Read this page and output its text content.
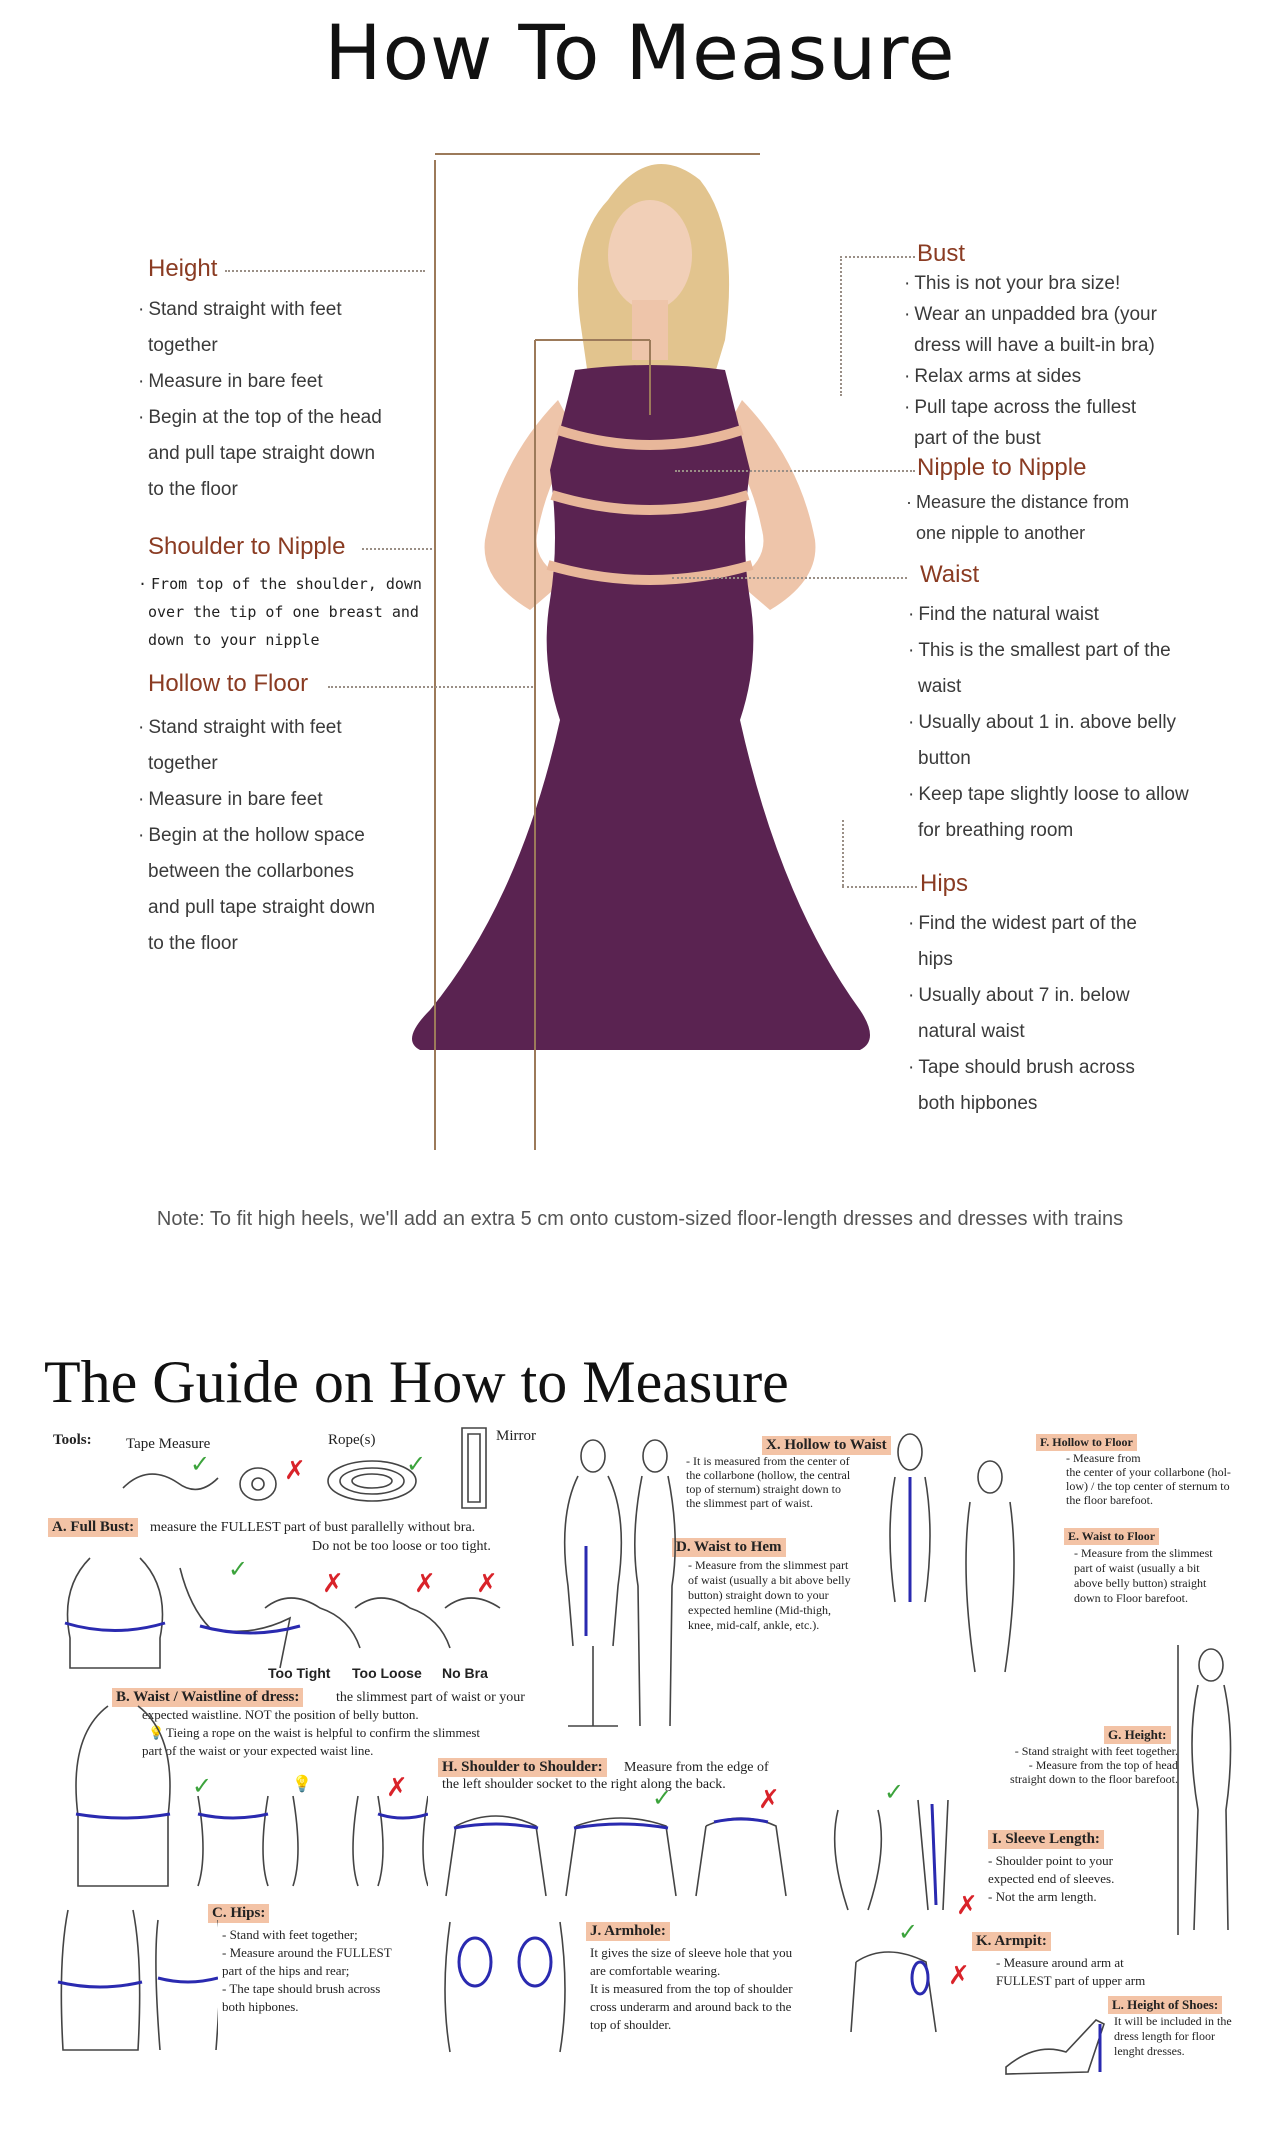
How To Measure
Height
· Stand straight with feet
together
· Measure in bare feet
· Begin at the top of the head
and pull tape straight down
to the floor
Shoulder to Nipple
· From top of the shoulder, down
over the tip of one breast and
down to your nipple
Hollow to Floor
· Stand straight with feet
together
· Measure in bare feet
· Begin at the hollow space
between the collarbones
and pull tape straight down
to the floor
Bust
· This is not your bra size!
· Wear an unpadded bra (your
dress will have a built-in bra)
· Relax arms at sides
· Pull tape across the fullest
part of the bust
Nipple to Nipple
· Measure the distance from
one nipple to another
Waist
· Find the natural waist
· This is the smallest part of the
waist
· Usually about 1 in. above belly
button
· Keep tape slightly loose to allow
for breathing room
Hips
· Find the widest part of the
hips
· Usually about 7 in. below
natural waist
· Tape should brush across
both hipbones
Note: To fit high heels, we'll add an extra 5 cm onto custom-sized floor-length dresses and dresses with trains
The Guide on How to Measure
Tools: Tape Measure
✓	✗
Rope(s)
✓
Mirror
A. Full Bust: measure the FULLEST part of bust parallelly without bra.
Do not be too loose or too tight.
✓	✗	✗ ✗
Too Tight Too Loose No Bra
B. Waist / Waistline of dress:	the slimmest part of waist or your
expected waistline. NOT the position of belly button.
💡 Tieing a rope on the waist is helpful to confirm the slimmest
part of the waist or your expected waist line.
✓	💡	✗
C. Hips:
- Stand with feet together;
- Measure around the FULLEST
part of the hips and rear;
- The tape should brush across
both hipbones.
H. Shoulder to Shoulder: Measure from the edge of
the left shoulder socket to the right along the back.
✓	✗
J. Armhole:
It gives the size of sleeve hole that you
are comfortable wearing.
It is measured from the top of shoulder
cross underarm and around back to the
top of shoulder.
X. Hollow to Waist
- It is measured from the center of
the collarbone (hollow, the central
top of sternum) straight down to
the slimmest part of waist.
D. Waist to Hem
- Measure from the slimmest part
of waist (usually a bit above belly
button) straight down to your
expected hemline (Mid-thigh,
knee, mid-calf, ankle, etc.).
F. Hollow to Floor
- Measure from
the center of your collarbone (hol-
low) / the top center of sternum to
the floor barefoot.
E. Waist to Floor
- Measure from the slimmest
part of waist (usually a bit
above belly button) straight
down to Floor barefoot.
G. Height:
- Stand straight with feet together.
- Measure from the top of head
straight down to the floor barefoot.
✓
✗
I. Sleeve Length:
- Shoulder point to your
expected end of sleeves.
- Not the arm length.
✓
✗
K. Armpit:
- Measure around arm at
FULLEST part of upper arm
L. Height of Shoes:
It will be included in the
dress length for floor
lenght dresses.
